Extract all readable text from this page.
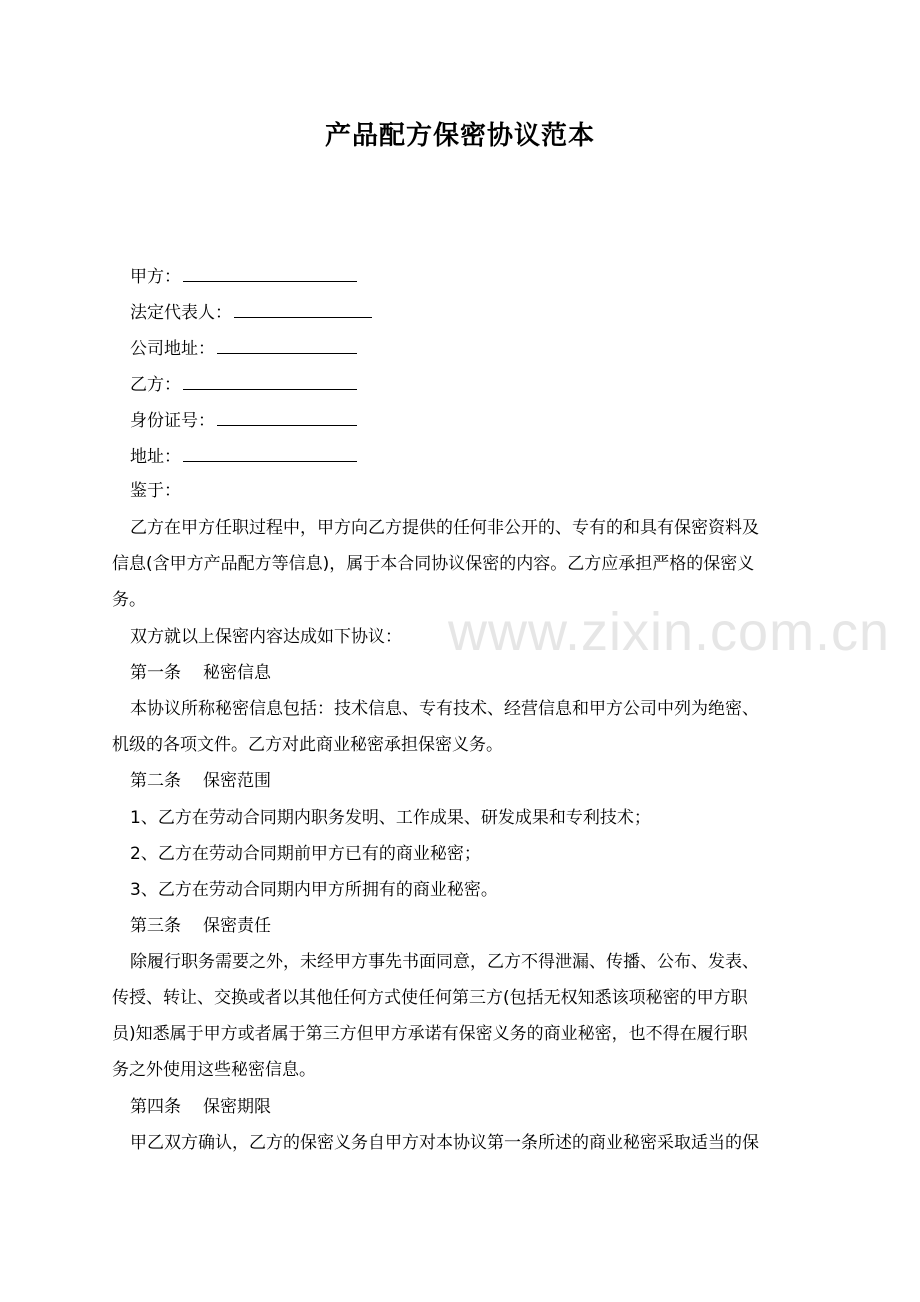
www.zixin.com.cn
产品配方保密协议范本
甲方：
法定代表人：
公司地址：
乙方：
身份证号：
地址：
鉴于：
乙方在甲方任职过程中，甲方向乙方提供的任何非公开的、专有的和具有保密资料及
信息(含甲方产品配方等信息)，属于本合同协议保密的内容。乙方应承担严格的保密义
务。
双方就以上保密内容达成如下协议：
第一条 秘密信息
本协议所称秘密信息包括：技术信息、专有技术、经营信息和甲方公司中列为绝密、
机级的各项文件。乙方对此商业秘密承担保密义务。
第二条 保密范围
1、乙方在劳动合同期内职务发明、工作成果、研发成果和专利技术；
2、乙方在劳动合同期前甲方已有的商业秘密；
3、乙方在劳动合同期内甲方所拥有的商业秘密。
第三条 保密责任
除履行职务需要之外，未经甲方事先书面同意，乙方不得泄漏、传播、公布、发表、
传授、转让、交换或者以其他任何方式使任何第三方(包括无权知悉该项秘密的甲方职
员)知悉属于甲方或者属于第三方但甲方承诺有保密义务的商业秘密，也不得在履行职
务之外使用这些秘密信息。
第四条 保密期限
甲乙双方确认，乙方的保密义务自甲方对本协议第一条所述的商业秘密采取适当的保
